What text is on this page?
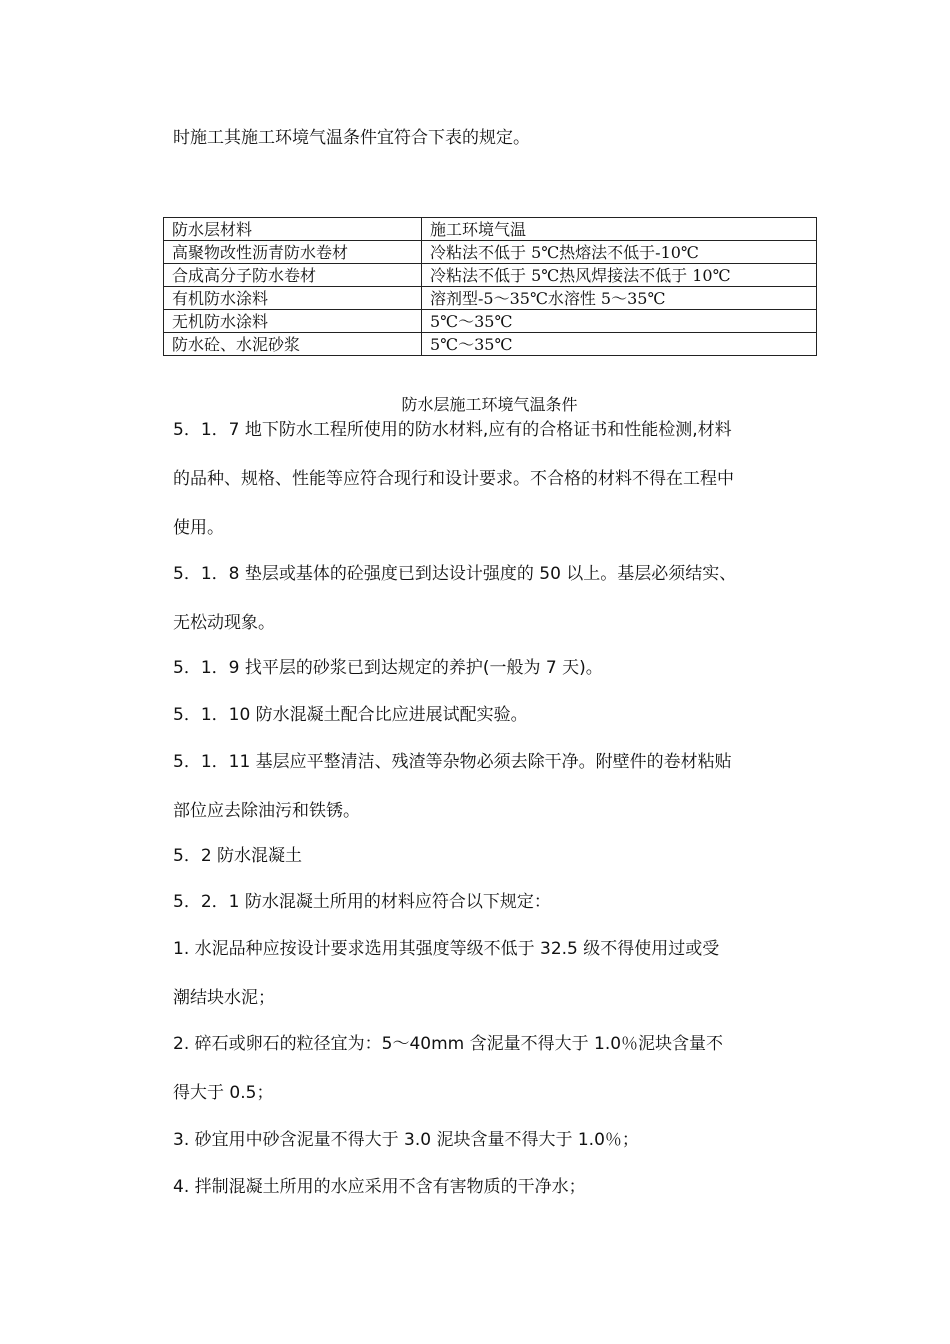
时施工其施工环境气温条件宜符合下表的规定。
防水层材料	施工环境气温
高聚物改性沥青防水卷材	冷粘法不低于 5℃热熔法不低于-10℃
合成高分子防水卷材	冷粘法不低于 5℃热风焊接法不低于 10℃
有机防水涂料	溶剂型-5～35℃水溶性 5～35℃
无机防水涂料	5℃～35℃
防水砼、水泥砂浆	5℃～35℃
防水层施工环境气温条件
5．1．7 地下防水工程所使用的防水材料,应有的合格证书和性能检测,材料
的品种、规格、性能等应符合现行和设计要求。不合格的材料不得在工程中
使用。
5．1．8 垫层或基体的砼强度已到达设计强度的 50 以上。基层必须结实、
无松动现象。
5．1．9 找平层的砂浆已到达规定的养护(一般为 7 天)。
5．1．10 防水混凝土配合比应进展试配实验。
5．1．11 基层应平整清洁、残渣等杂物必须去除干净。附壁件的卷材粘贴
部位应去除油污和铁锈。
5．2 防水混凝土
5．2．1 防水混凝土所用的材料应符合以下规定：
1. 水泥品种应按设计要求选用其强度等级不低于 32.5 级不得使用过或受
潮结块水泥；
2. 碎石或卵石的粒径宜为：5～40mm 含泥量不得大于 1.0％泥块含量不
得大于 0.5；
3. 砂宜用中砂含泥量不得大于 3.0 泥块含量不得大于 1.0％；
4. 拌制混凝土所用的水应采用不含有害物质的干净水；
